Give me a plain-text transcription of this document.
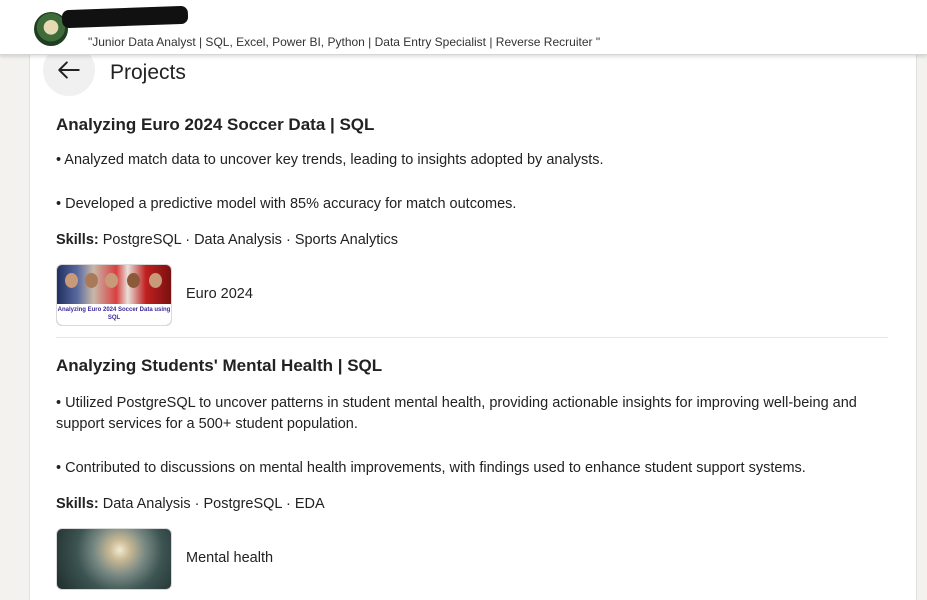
"Junior Data Analyst | SQL, Excel, Power BI, Python | Data Entry Specialist | Reverse Recruiter "
Projects
Analyzing Euro 2024 Soccer Data | SQL
• Analyzed match data to uncover key trends, leading to insights adopted by analysts.
• Developed a predictive model with 85% accuracy for match outcomes.
Skills: PostgreSQL · Data Analysis · Sports Analytics
Analyzing Euro 2024 Soccer Data using SQL
Euro 2024
Analyzing Students' Mental Health | SQL
• Utilized PostgreSQL to uncover patterns in student mental health, providing actionable insights for improving well-being and support services for a 500+ student population.
• Contributed to discussions on mental health improvements, with findings used to enhance student support systems.
Skills: Data Analysis · PostgreSQL · EDA
Mental health
